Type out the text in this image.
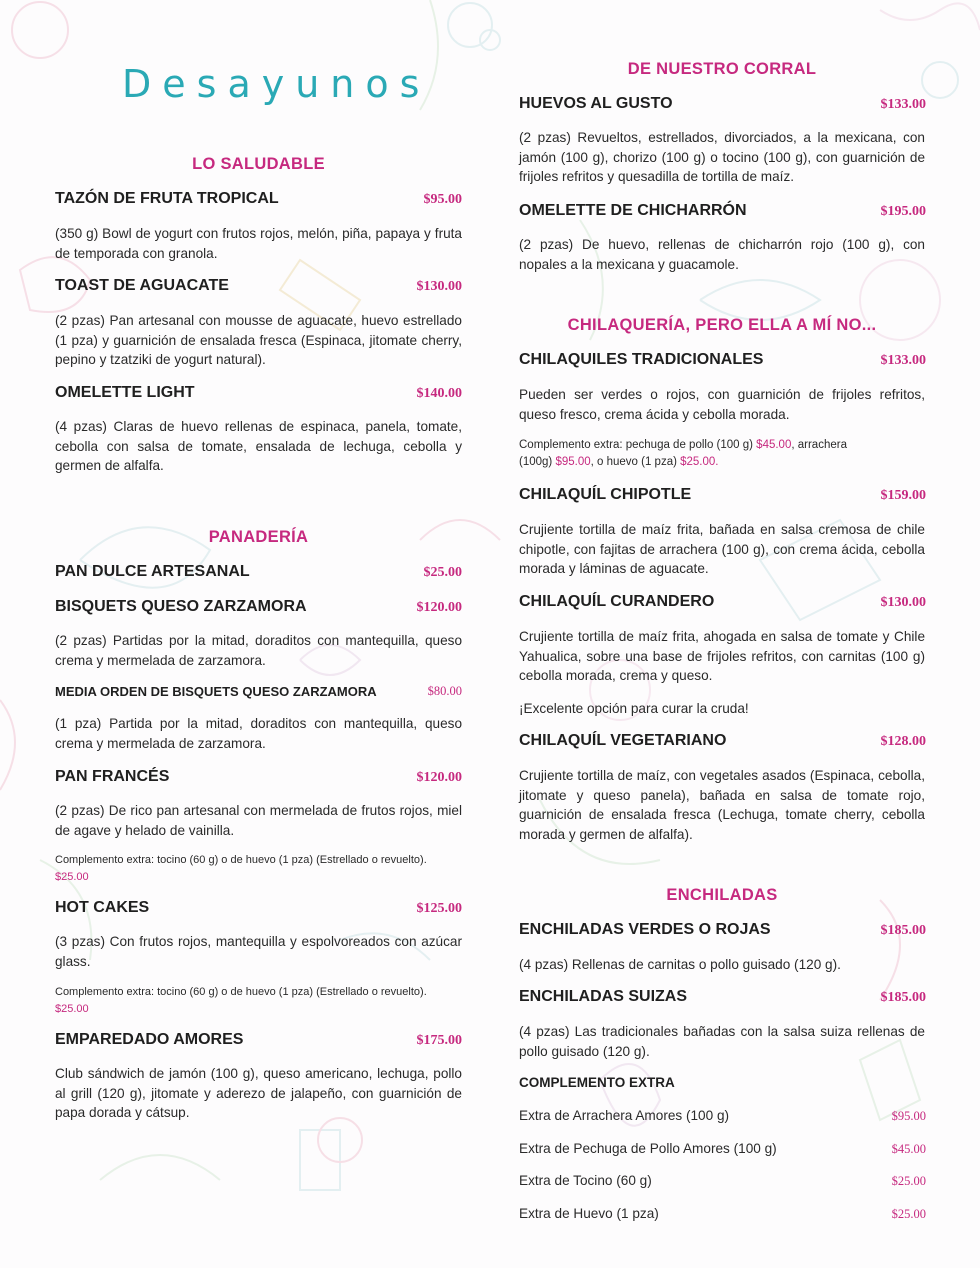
Desayunos
LO SALUDABLE
TAZÓN DE FRUTA TROPICAL	$95.00
(350 g) Bowl de yogurt con frutos rojos, melón, piña, papaya y fruta de temporada con granola.
TOAST DE AGUACATE	$130.00
(2 pzas) Pan artesanal con mousse de aguacate, huevo estrellado (1 pza) y guarnición de ensalada fresca (Espinaca, jitomate cherry, pepino y tzatziki de yogurt natural).
OMELETTE LIGHT	$140.00
(4 pzas) Claras de huevo rellenas de espinaca, panela, tomate, cebolla con salsa de tomate, ensalada de lechuga, cebolla y germen de alfalfa.
PANADERÍA
PAN DULCE ARTESANAL	$25.00
BISQUETS QUESO ZARZAMORA	$120.00
(2 pzas) Partidas por la mitad, doraditos con mantequilla, queso crema y mermelada de zarzamora.
MEDIA ORDEN DE BISQUETS QUESO ZARZAMORA	$80.00
(1 pza) Partida por la mitad, doraditos con mantequilla, queso crema y mermelada de zarzamora.
PAN FRANCÉS	$120.00
(2 pzas) De rico pan artesanal con mermelada de frutos rojos, miel de agave y helado de vainilla.
Complemento extra: tocino (60 g) o de huevo (1 pza) (Estrellado o revuelto).
$25.00
HOT CAKES	$125.00
(3 pzas) Con frutos rojos, mantequilla y espolvoreados con azúcar glass.
Complemento extra: tocino (60 g) o de huevo (1 pza) (Estrellado o revuelto).
$25.00
EMPAREDADO AMORES	$175.00
Club sándwich de jamón (100 g), queso americano, lechuga, pollo al grill (120 g), jitomate y aderezo de jalapeño, con guarnición de papa dorada y cátsup.
DE NUESTRO CORRAL
HUEVOS AL GUSTO	$133.00
(2 pzas) Revueltos, estrellados, divorciados, a la mexicana, con jamón (100 g), chorizo (100 g) o tocino (100 g), con guarnición de frijoles refritos y quesadilla de tortilla de maíz.
OMELETTE DE CHICHARRÓN	$195.00
(2 pzas) De huevo, rellenas de chicharrón rojo (100 g), con nopales a la mexicana y guacamole.
CHILAQUERÍA, PERO ELLA A MÍ NO...
CHILAQUILES TRADICIONALES	$133.00
Pueden ser verdes o rojos, con guarnición de frijoles refritos, queso fresco, crema ácida y cebolla morada.
Complemento extra: pechuga de pollo (100 g) $45.00, arrachera
(100g) $95.00, o huevo (1 pza) $25.00.
CHILAQUÍL CHIPOTLE	$159.00
Crujiente tortilla de maíz frita, bañada en salsa cremosa de chile chipotle, con fajitas de arrachera (100 g), con crema ácida, cebolla morada y láminas de aguacate.
CHILAQUÍL CURANDERO	$130.00
Crujiente tortilla de maíz frita, ahogada en salsa de tomate y Chile Yahualica, sobre una base de frijoles refritos, con carnitas (100 g) cebolla morada, crema y queso.
¡Excelente opción para curar la cruda!
CHILAQUÍL VEGETARIANO	$128.00
Crujiente tortilla de maíz, con vegetales asados (Espinaca, cebolla, jitomate y queso panela), bañada en salsa de tomate rojo, guarnición de ensalada fresca (Lechuga, tomate cherry, cebolla morada y germen de alfalfa).
ENCHILADAS
ENCHILADAS VERDES O ROJAS	$185.00
(4 pzas) Rellenas de carnitas o pollo guisado (120 g).
ENCHILADAS SUIZAS	$185.00
(4 pzas) Las tradicionales bañadas con la salsa suiza rellenas de pollo guisado (120 g).
COMPLEMENTO EXTRA
Extra de Arrachera Amores (100 g)	$95.00
Extra de Pechuga de Pollo Amores (100 g)	$45.00
Extra de Tocino (60 g)	$25.00
Extra de Huevo (1 pza)	$25.00
